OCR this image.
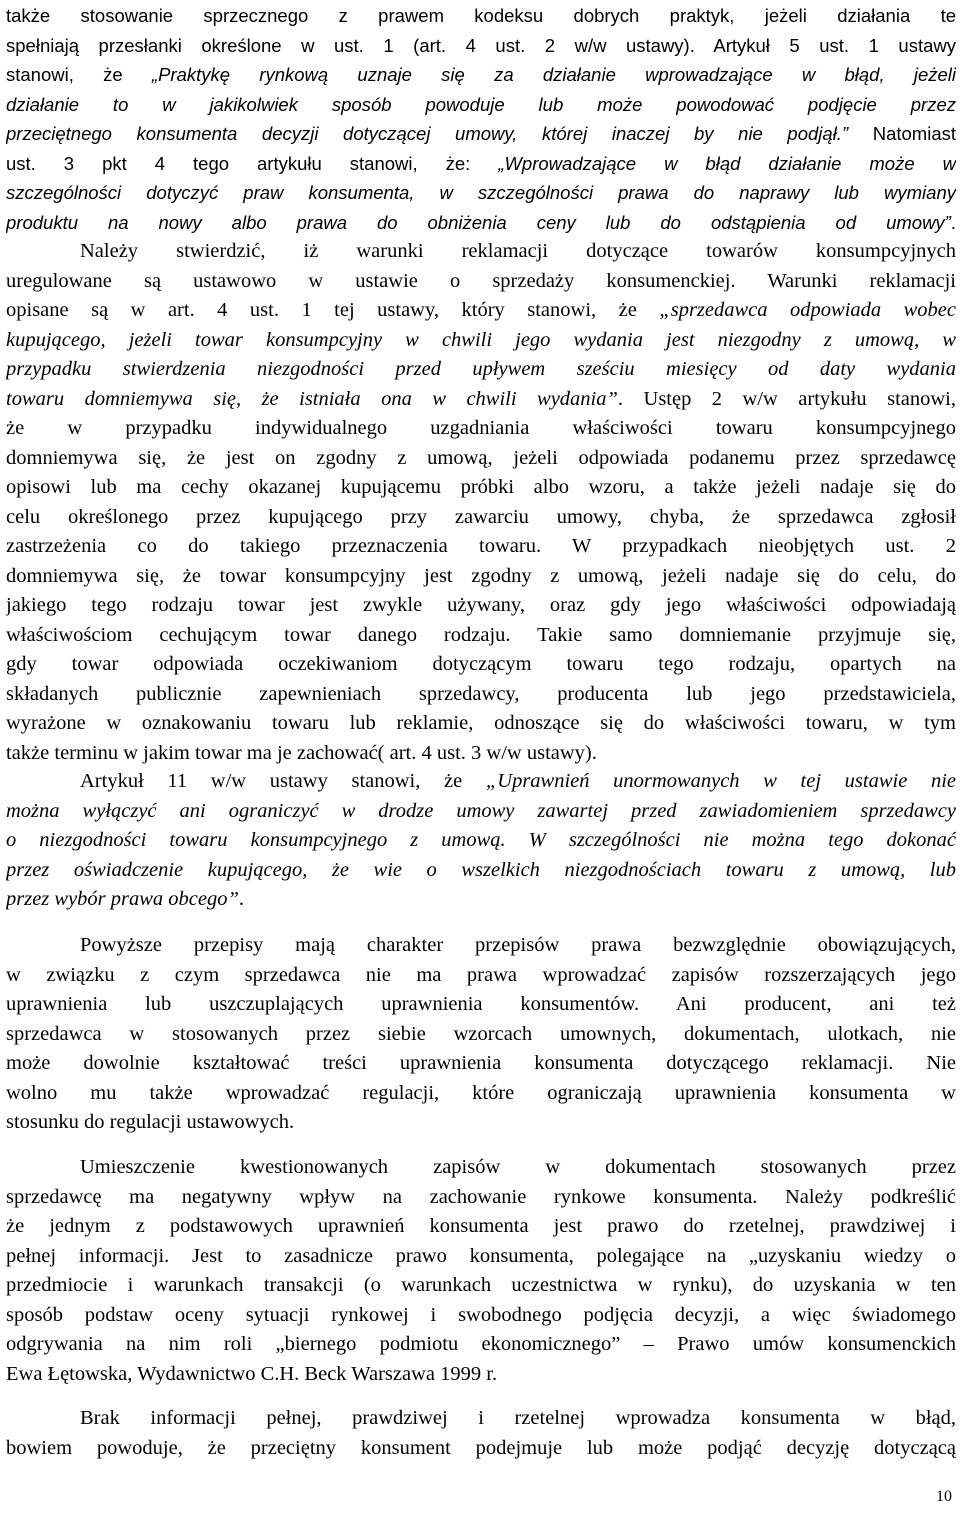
także stosowanie sprzecznego z prawem kodeksu dobrych praktyk, jeżeli działania te
spełniają przesłanki określone w ust. 1 (art. 4 ust. 2 w/w ustawy). Artykuł 5 ust. 1 ustawy
stanowi, że „Praktykę rynkową uznaje się za działanie wprowadzające w błąd, jeżeli
działanie to w jakikolwiek sposób powoduje lub może powodować podjęcie przez
przeciętnego konsumenta decyzji dotyczącej umowy, której inaczej by nie podjął.” Natomiast
ust. 3 pkt 4 tego artykułu stanowi, że: „Wprowadzające w błąd działanie może w
szczególności dotyczyć praw konsumenta, w szczególności prawa do naprawy lub wymiany
produktu na nowy albo prawa do obniżenia ceny lub do odstąpienia od umowy”.
Należy stwierdzić, iż warunki reklamacji dotyczące towarów konsumpcyjnych
uregulowane są ustawowo w ustawie o sprzedaży konsumenckiej. Warunki reklamacji
opisane są w art. 4 ust. 1 tej ustawy, który stanowi, że „sprzedawca odpowiada wobec
kupującego, jeżeli towar konsumpcyjny w chwili jego wydania jest niezgodny z umową, w
przypadku stwierdzenia niezgodności przed upływem sześciu miesięcy od daty wydania
towaru domniemywa się, że istniała ona w chwili wydania”. Ustęp 2 w/w artykułu stanowi,
że w przypadku indywidualnego uzgadniania właściwości towaru konsumpcyjnego
domniemywa się, że jest on zgodny z umową, jeżeli odpowiada podanemu przez sprzedawcę
opisowi lub ma cechy okazanej kupującemu próbki albo wzoru, a także jeżeli nadaje się do
celu określonego przez kupującego przy zawarciu umowy, chyba, że sprzedawca zgłosił
zastrzeżenia co do takiego przeznaczenia towaru. W przypadkach nieobjętych ust. 2
domniemywa się, że towar konsumpcyjny jest zgodny z umową, jeżeli nadaje się do celu, do
jakiego tego rodzaju towar jest zwykle używany, oraz gdy jego właściwości odpowiadają
właściwościom cechującym towar danego rodzaju. Takie samo domniemanie przyjmuje się,
gdy towar odpowiada oczekiwaniom dotyczącym towaru tego rodzaju, opartych na
składanych publicznie zapewnieniach sprzedawcy, producenta lub jego przedstawiciela,
wyrażone w oznakowaniu towaru lub reklamie, odnoszące się do właściwości towaru, w tym
także terminu w jakim towar ma je zachować( art. 4 ust. 3 w/w ustawy).
Artykuł 11 w/w ustawy stanowi, że „Uprawnień unormowanych w tej ustawie nie
można wyłączyć ani ograniczyć w drodze umowy zawartej przed zawiadomieniem sprzedawcy
o niezgodności towaru konsumpcyjnego z umową. W szczególności nie można tego dokonać
przez oświadczenie kupującego, że wie o wszelkich niezgodnościach towaru z umową, lub
przez wybór prawa obcego”.
Powyższe przepisy mają charakter przepisów prawa bezwzględnie obowiązujących,
w związku z czym sprzedawca nie ma prawa wprowadzać zapisów rozszerzających jego
uprawnienia lub uszczuplających uprawnienia konsumentów. Ani producent, ani też
sprzedawca w stosowanych przez siebie wzorcach umownych, dokumentach, ulotkach, nie
może dowolnie kształtować treści uprawnienia konsumenta dotyczącego reklamacji. Nie
wolno mu także wprowadzać regulacji, które ograniczają uprawnienia konsumenta w
stosunku do regulacji ustawowych.
Umieszczenie kwestionowanych zapisów w dokumentach stosowanych przez
sprzedawcę ma negatywny wpływ na zachowanie rynkowe konsumenta. Należy podkreślić
że jednym z podstawowych uprawnień konsumenta jest prawo do rzetelnej, prawdziwej i
pełnej informacji. Jest to zasadnicze prawo konsumenta, polegające na „uzyskaniu wiedzy o
przedmiocie i warunkach transakcji (o warunkach uczestnictwa w rynku), do uzyskania w ten
sposób podstaw oceny sytuacji rynkowej i swobodnego podjęcia decyzji, a więc świadomego
odgrywania na nim roli „biernego podmiotu ekonomicznego” – Prawo umów konsumenckich
Ewa Łętowska, Wydawnictwo C.H. Beck Warszawa 1999 r.
Brak informacji pełnej, prawdziwej i rzetelnej wprowadza konsumenta w błąd,
bowiem powoduje, że przeciętny konsument podejmuje lub może podjąć decyzję dotyczącą
10
